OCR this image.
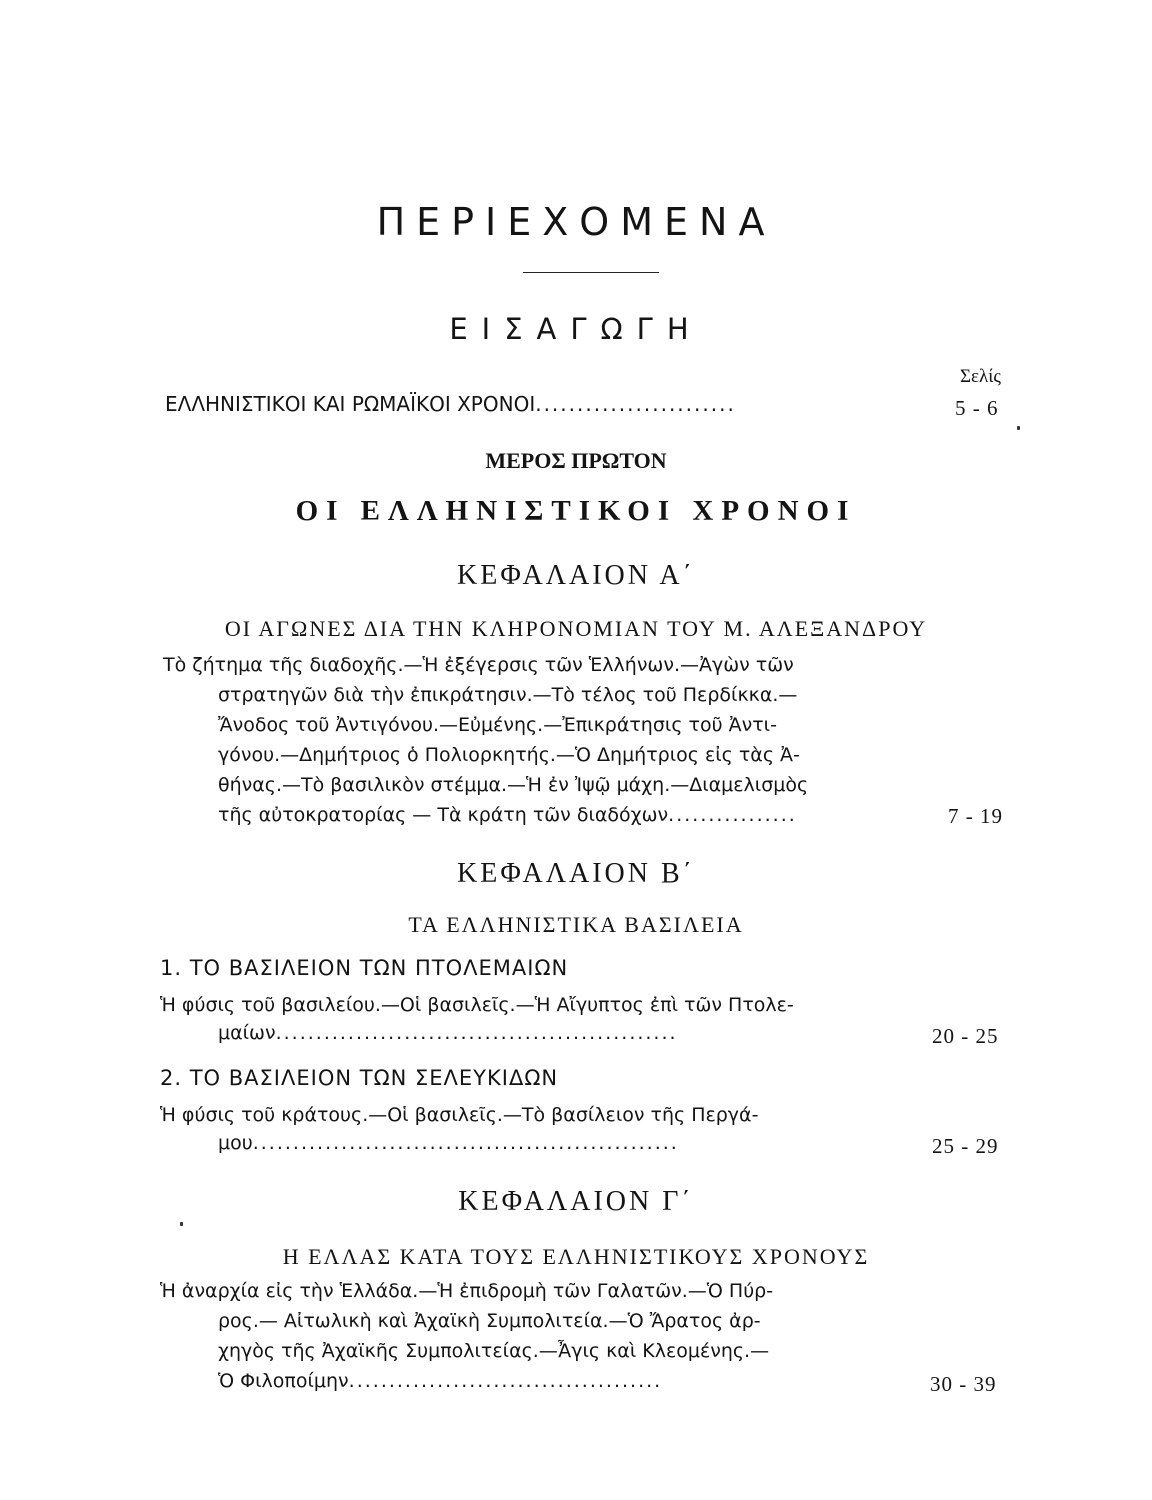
ΠΕΡΙΕΧΟΜΕΝΑ
ΕΙΣΑΓΩΓΗ
Σελίς
ΕΛΛΗΝΙΣΤΙΚΟΙ ΚΑΙ ΡΩΜΑΪΚΟΙ ΧΡΟΝΟΙ........................	5 - 6
ΜΕΡΟΣ ΠΡΩΤΟΝ
ΟΙ ΕΛΛΗΝΙΣΤΙΚΟΙ ΧΡΟΝΟΙ
ΚΕΦΑΛΑΙΟΝ Α΄
ΟΙ ΑΓΩΝΕΣ ΔΙΑ ΤΗΝ ΚΛΗΡΟΝΟΜΙΑΝ ΤΟΥ Μ. ΑΛΕΞΑΝΔΡΟΥ
Τὸ ζήτημα τῆς διαδοχῆς.—Ἡ ἐξέγερσις τῶν Ἑλλήνων.—Ἀγὼν τῶν
στρατηγῶν διὰ τὴν ἐπικράτησιν.—Τὸ τέλος τοῦ Περδίκκα.—
Ἄνοδος τοῦ Ἀντιγόνου.—Εὐμένης.—Ἐπικράτησις τοῦ Ἀντι-
γόνου.—Δημήτριος ὁ Πολιορκητής.—Ὁ Δημήτριος εἰς τὰς Ἀ-
θήνας.—Τὸ βασιλικὸν στέμμα.—Ἡ ἐν Ἰψῷ μάχη.—Διαμελισμὸς
τῆς αὐτοκρατορίας — Τὰ κράτη τῶν διαδόχων................	7 - 19
ΚΕΦΑΛΑΙΟΝ Β΄
ΤΑ ΕΛΛΗΝΙΣΤΙΚΑ ΒΑΣΙΛΕΙΑ
1. ΤΟ ΒΑΣΙΛΕΙΟΝ ΤΩΝ ΠΤΟΛΕΜΑΙΩΝ
Ἡ φύσις τοῦ βασιλείου.—Οἱ βασιλεῖς.—Ἡ Αἴγυπτος ἐπὶ τῶν Πτολε-
μαίων..................................................	20 - 25
2. ΤΟ ΒΑΣΙΛΕΙΟΝ ΤΩΝ ΣΕΛΕΥΚΙΔΩΝ
Ἡ φύσις τοῦ κράτους.—Οἱ βασιλεῖς.—Τὸ βασίλειον τῆς Περγά-
μου.....................................................	25 - 29
ΚΕΦΑΛΑΙΟΝ Γ΄
Η ΕΛΛΑΣ ΚΑΤΑ ΤΟΥΣ ΕΛΛΗΝΙΣΤΙΚΟΥΣ ΧΡΟΝΟΥΣ
Ἡ ἀναρχία εἰς τὴν Ἑλλάδα.—Ἡ ἐπιδρομὴ τῶν Γαλατῶν.—Ὁ Πύρ-
ρος.— Αἰτωλικὴ καὶ Ἀχαϊκὴ Συμπολιτεία.—Ὁ Ἄρατος ἀρ-
χηγὸς τῆς Ἀχαϊκῆς Συμπολιτείας.—Ἆγις καὶ Κλεομένης.—
Ὁ Φιλοποίμην.......................................	30 - 39
